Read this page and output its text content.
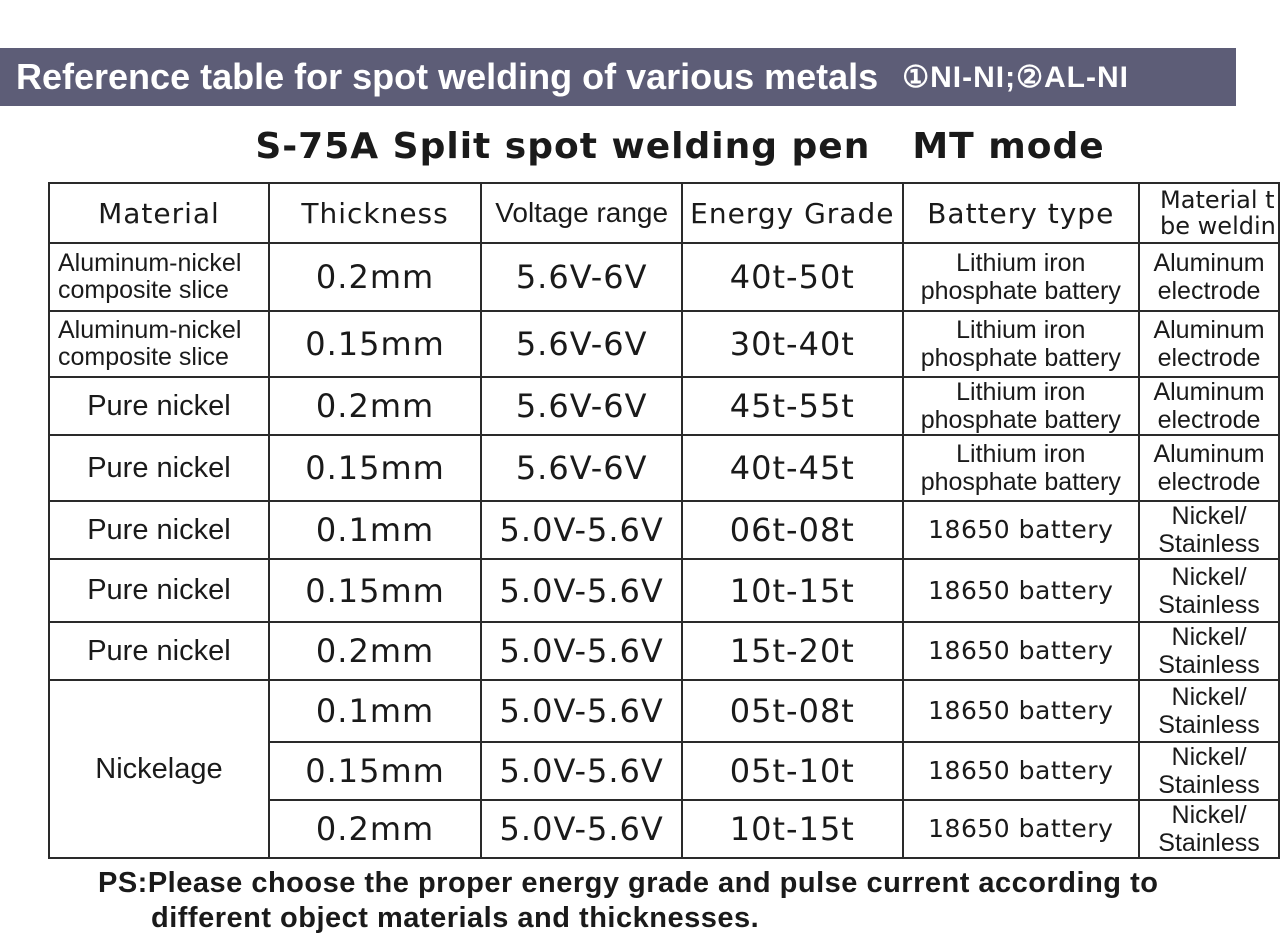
Reference table for spot welding of various metals ①NI-NI;②AL-NI
S-75A Split spot welding pen MT mode
Material	Thickness	Voltage range	Energy Grade	Battery type	Material t
be weldin

Aluminum-nickel
composite slice	0.2mm	5.6V-6V	40t-50t	Lithium iron
phosphate battery	Aluminum
electrode

Aluminum-nickel
composite slice	0.15mm	5.6V-6V	30t-40t	Lithium iron
phosphate battery	Aluminum
electrode

Pure nickel	0.2mm	5.6V-6V	45t-55t	Lithium iron
phosphate battery	Aluminum
electrode

Pure nickel	0.15mm	5.6V-6V	40t-45t	Lithium iron
phosphate battery	Aluminum
electrode

Pure nickel	0.1mm	5.0V-5.6V	06t-08t	18650 battery	Nickel/
Stainless

Pure nickel	0.15mm	5.0V-5.6V	10t-15t	18650 battery	Nickel/
Stainless

Pure nickel	0.2mm	5.0V-5.6V	15t-20t	18650 battery	Nickel/
Stainless

Nickelage	0.1mm	5.0V-5.6V	05t-08t	18650 battery	Nickel/
Stainless

	0.15mm	5.0V-5.6V	05t-10t	18650 battery	Nickel/
Stainless

	0.2mm	5.0V-5.6V	10t-15t	18650 battery	Nickel/
Stainless
PS:Please choose the proper energy grade and pulse current according to
different object materials and thicknesses.
